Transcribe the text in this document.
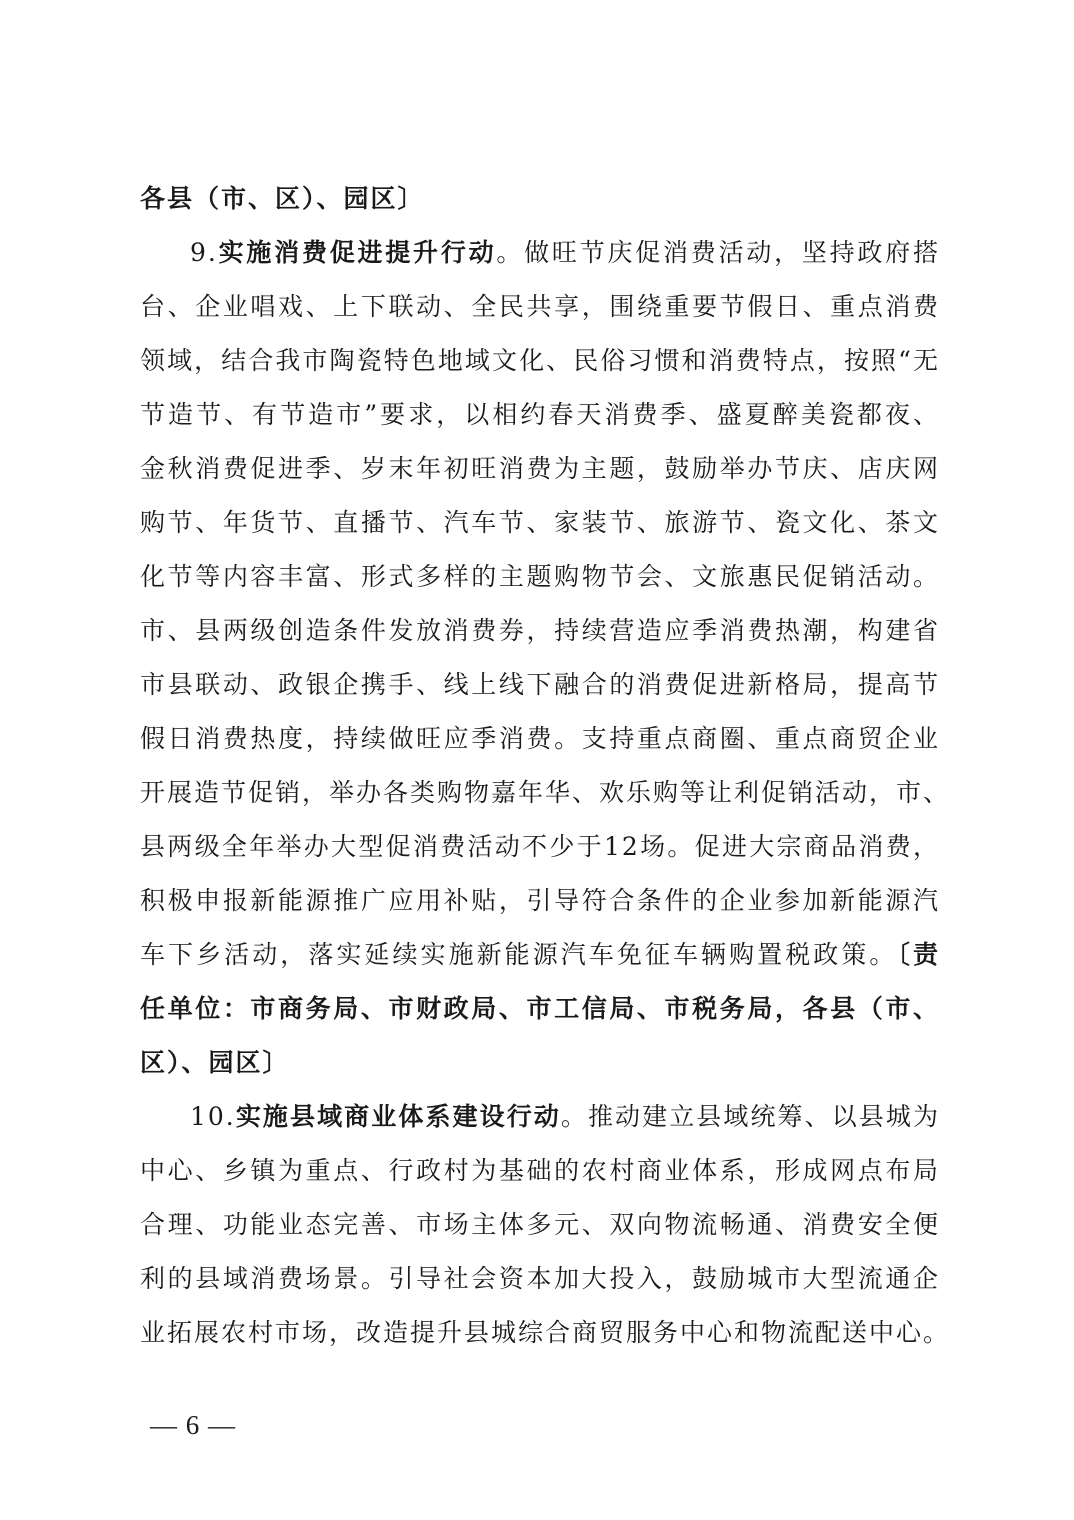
各县（市、区）、园区〕
9.实施消费促进提升行动。做旺节庆促消费活动，坚持政府搭
台、企业唱戏、上下联动、全民共享，围绕重要节假日、重点消费
领域，结合我市陶瓷特色地域文化、民俗习惯和消费特点，按照“无
节造节、有节造市”要求，以相约春天消费季、盛夏醉美瓷都夜、
金秋消费促进季、岁末年初旺消费为主题，鼓励举办节庆、店庆网
购节、年货节、直播节、汽车节、家装节、旅游节、瓷文化、茶文
化节等内容丰富、形式多样的主题购物节会、文旅惠民促销活动。
市、县两级创造条件发放消费券，持续营造应季消费热潮，构建省
市县联动、政银企携手、线上线下融合的消费促进新格局，提高节
假日消费热度，持续做旺应季消费。支持重点商圈、重点商贸企业
开展造节促销，举办各类购物嘉年华、欢乐购等让利促销活动，市、
县两级全年举办大型促消费活动不少于12场。促进大宗商品消费，
积极申报新能源推广应用补贴，引导符合条件的企业参加新能源汽
车下乡活动，落实延续实施新能源汽车免征车辆购置税政策。〔责
任单位：市商务局、市财政局、市工信局、市税务局，各县（市、
区）、园区〕
10.实施县域商业体系建设行动。推动建立县域统筹、以县城为
中心、乡镇为重点、行政村为基础的农村商业体系，形成网点布局
合理、功能业态完善、市场主体多元、双向物流畅通、消费安全便
利的县域消费场景。引导社会资本加大投入，鼓励城市大型流通企
业拓展农村市场，改造提升县城综合商贸服务中心和物流配送中心。
— 6 —
